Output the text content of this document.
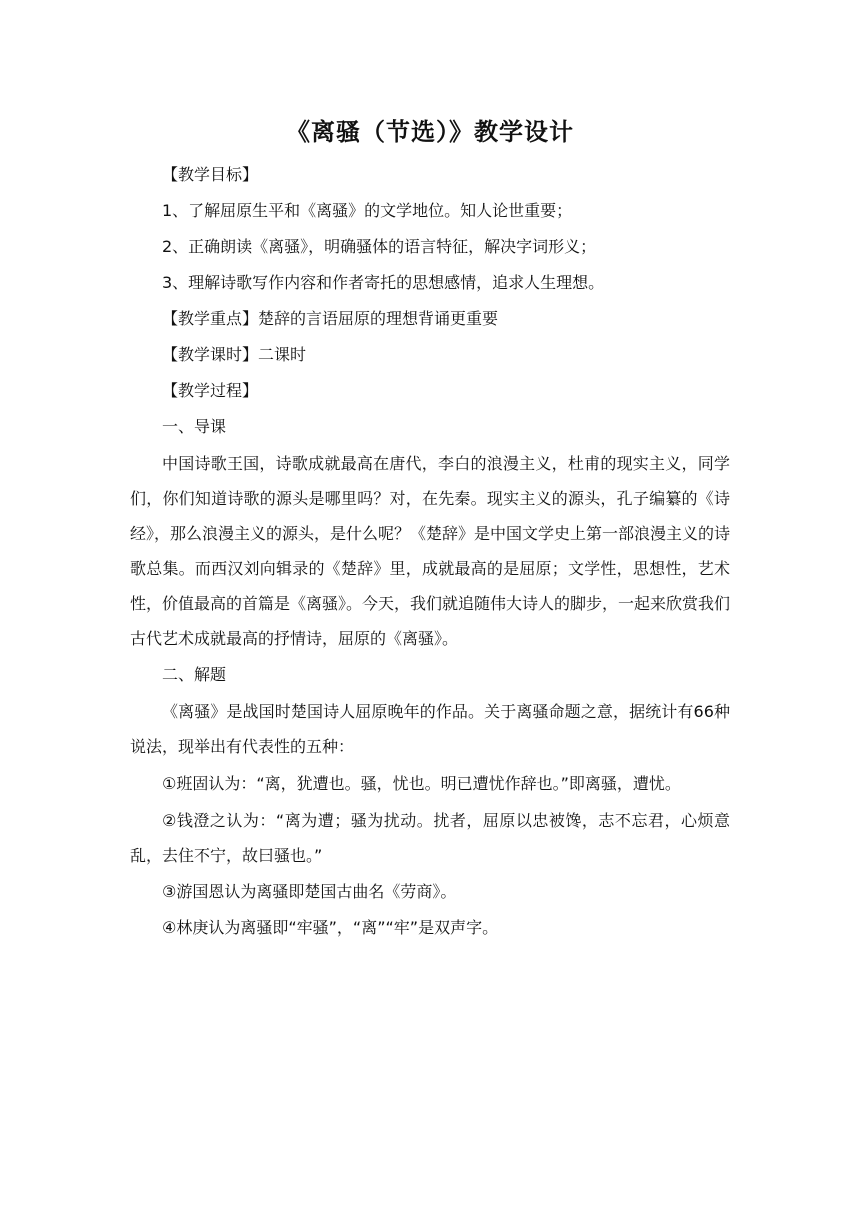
《离骚（节选）》教学设计

【教学目标】

1、了解屈原生平和《离骚》的文学地位。知人论世重要；

2、正确朗读《离骚》，明确骚体的语言特征，解决字词形义；

3、理解诗歌写作内容和作者寄托的思想感情，追求人生理想。

【教学重点】楚辞的言语屈原的理想背诵更重要

【教学课时】二课时

【教学过程】

一、导课

中国诗歌王国，诗歌成就最高在唐代，李白的浪漫主义，杜甫的现实主义，同学们，你们知道诗歌的源头是哪里吗？对，在先秦。现实主义的源头，孔子编纂的《诗经》，那么浪漫主义的源头，是什么呢？《楚辞》是中国文学史上第一部浪漫主义的诗歌总集。而西汉刘向辑录的《楚辞》里，成就最高的是屈原；文学性，思想性，艺术性，价值最高的首篇是《离骚》。今天，我们就追随伟大诗人的脚步，一起来欣赏我们古代艺术成就最高的抒情诗，屈原的《离骚》。

二、解题

《离骚》是战国时楚国诗人屈原晚年的作品。关于离骚命题之意，据统计有66种说法，现举出有代表性的五种：

①班固认为：“离，犹遭也。骚，忧也。明已遭忧作辞也。”即离骚，遭忧。

②钱澄之认为：“离为遭；骚为扰动。扰者，屈原以忠被馋，志不忘君，心烦意乱，去住不宁，故曰骚也。”

③游国恩认为离骚即楚国古曲名《劳商》。

④林庚认为离骚即“牢骚”，“离”“牢”是双声字。
